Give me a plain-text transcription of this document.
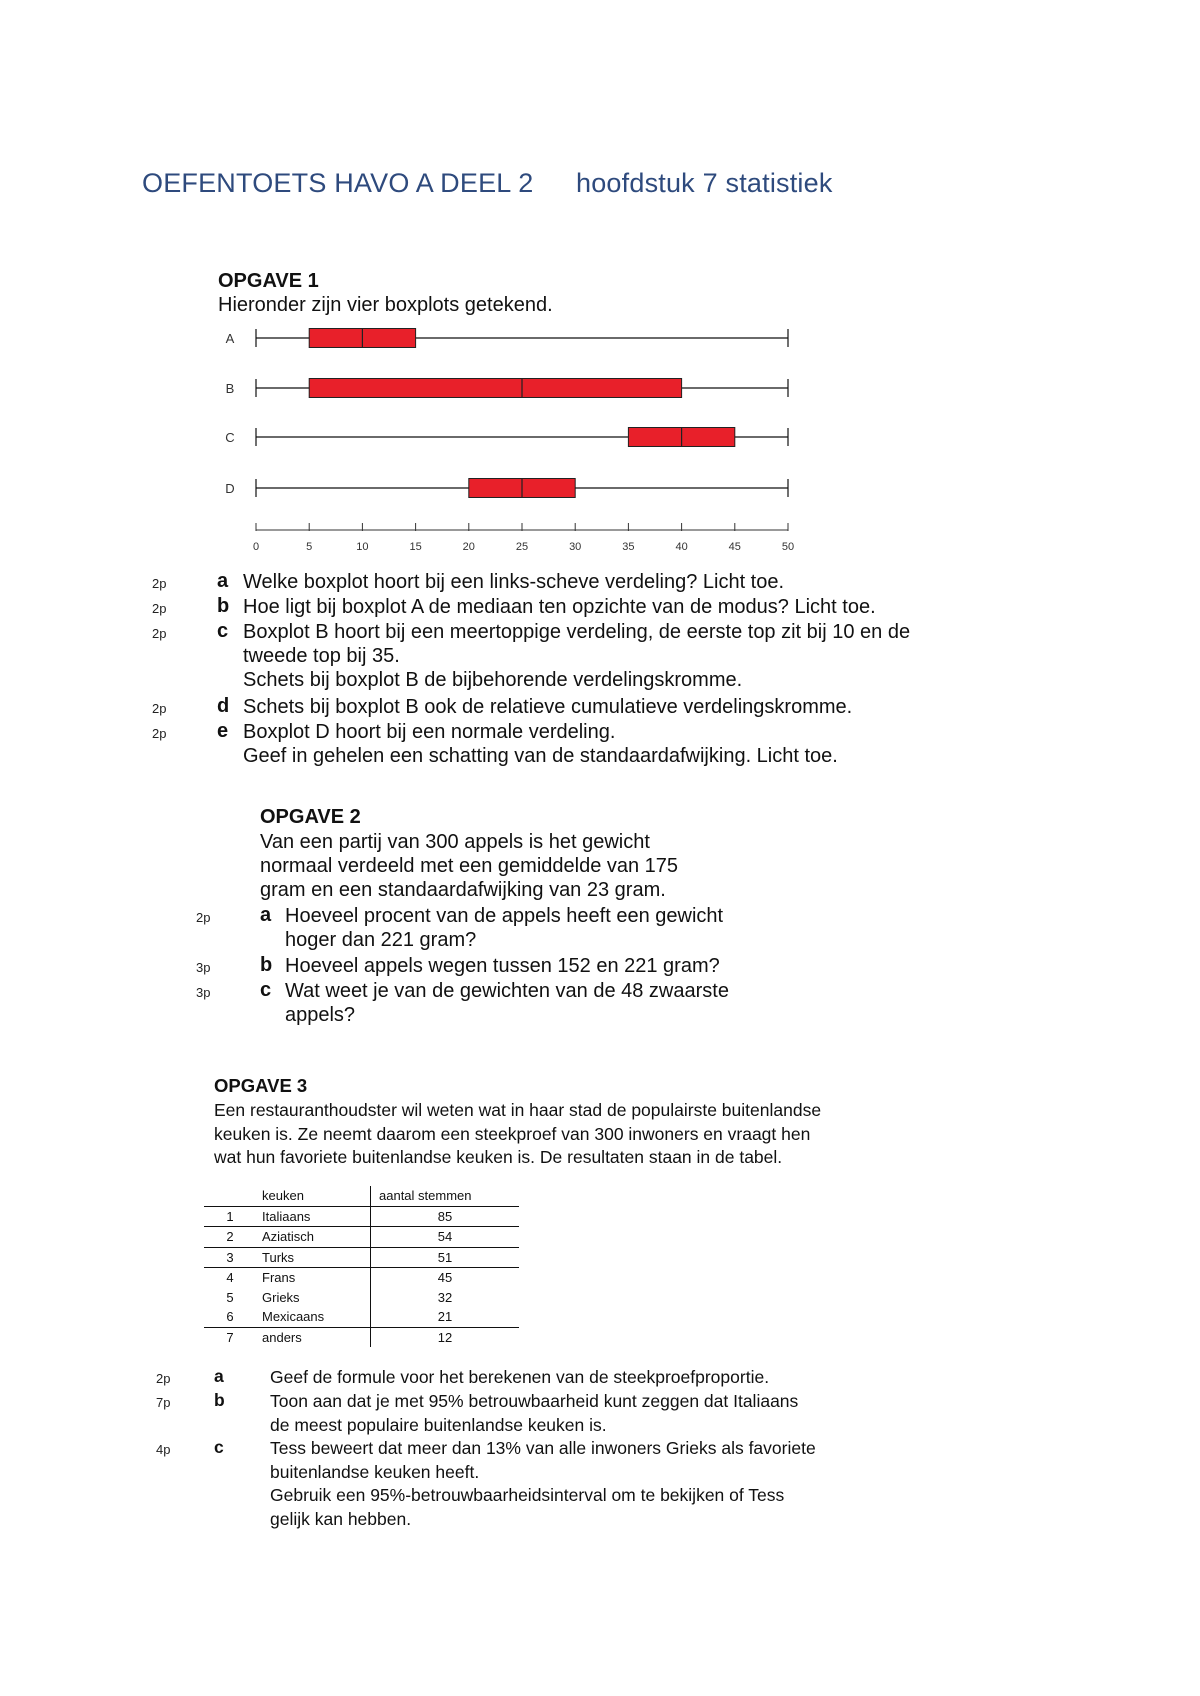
OEFENTOETS HAVO A DEEL 2 hoofdstuk 7 statistiek
OPGAVE 1
Hieronder zijn vier boxplots getekend.
A
B
C
D
0	5	10	15	20	25	30	35	40	45	50
2p	a Welke boxplot hoort bij een links-scheve verdeling? Licht toe.
2p	b Hoe ligt bij boxplot A de mediaan ten opzichte van de modus? Licht toe.
2p	c Boxplot B hoort bij een meertoppige verdeling, de eerste top zit bij 10 en de
tweede top bij 35.
Schets bij boxplot B de bijbehorende verdelingskromme.
2p	d Schets bij boxplot B ook de relatieve cumulatieve verdelingskromme.
2p	e Boxplot D hoort bij een normale verdeling.
Geef in gehelen een schatting van de standaardafwijking. Licht toe.
OPGAVE 2
Van een partij van 300 appels is het gewicht
normaal verdeeld met een gemiddelde van 175
gram en een standaardafwijking van 23 gram.
2p a Hoeveel procent van de appels heeft een gewicht
hoger dan 221 gram?
3p b Hoeveel appels wegen tussen 152 en 221 gram?
3p c Wat weet je van de gewichten van de 48 zwaarste
appels?
OPGAVE 3
Een restauranthoudster wil weten wat in haar stad de populairste buitenlandse
keuken is. Ze neemt daarom een steekproef van 300 inwoners en vraagt hen
wat hun favoriete buitenlandse keuken is. De resultaten staan in de tabel.
	keuken	aantal stemmen
1	Italiaans	85
2	Aziatisch	54
3	Turks	51
4	Frans	45
5	Grieks	32
6	Mexicaans	21
7	anders	12
2p a	Geef de formule voor het berekenen van de steekproefproportie.
7p b	Toon aan dat je met 95% betrouwbaarheid kunt zeggen dat Italiaans
de meest populaire buitenlandse keuken is.
4p c	Tess beweert dat meer dan 13% van alle inwoners Grieks als favoriete
buitenlandse keuken heeft.
Gebruik een 95%-betrouwbaarheidsinterval om te bekijken of Tess
gelijk kan hebben.
